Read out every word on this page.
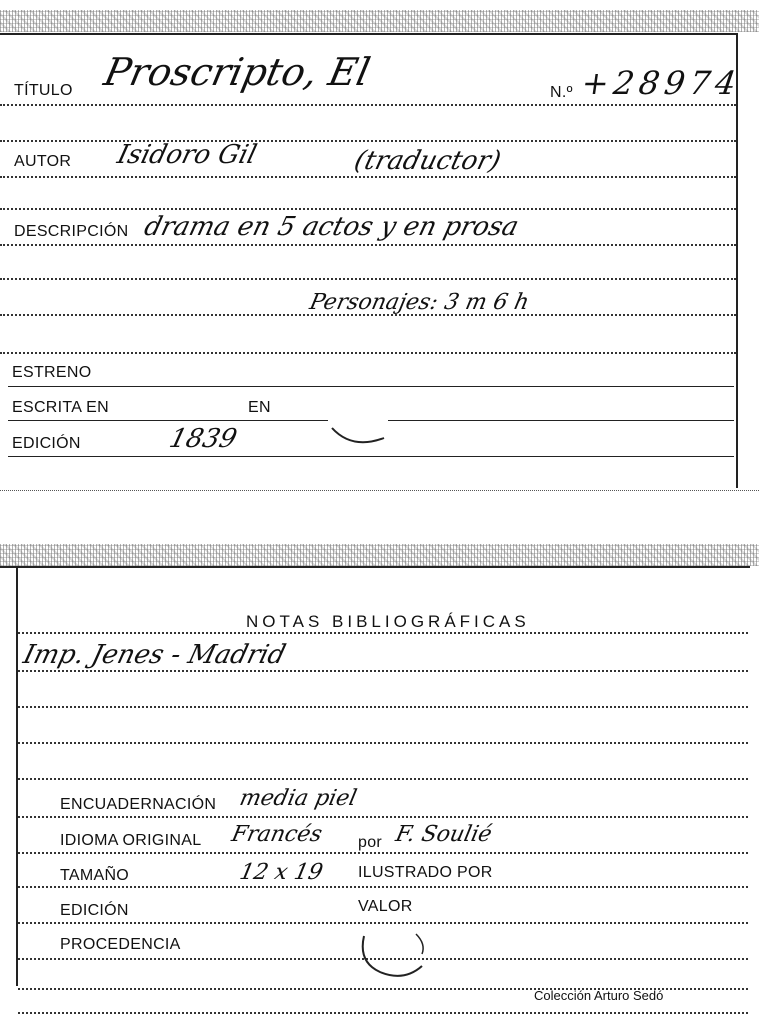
TÍTULO Proscripto, El	N.º +28974
AUTOR Isidoro Gil	(traductor)
DESCRIPCIÓN drama en 5 actos y en prosa
Personajes: 3 m 6 h
ESTRENO
ESCRITA EN	EN
EDICIÓN	1839
NOTAS BIBLIOGRÁFICAS
Imp. Jenes - Madrid
ENCUADERNACIÓN media piel
IDIOMA ORIGINAL Francés por F. Soulié
TAMAÑO	12 x 19 ILUSTRADO POR
EDICIÓN	VALOR
PROCEDENCIA
Colección Arturo Sedó
